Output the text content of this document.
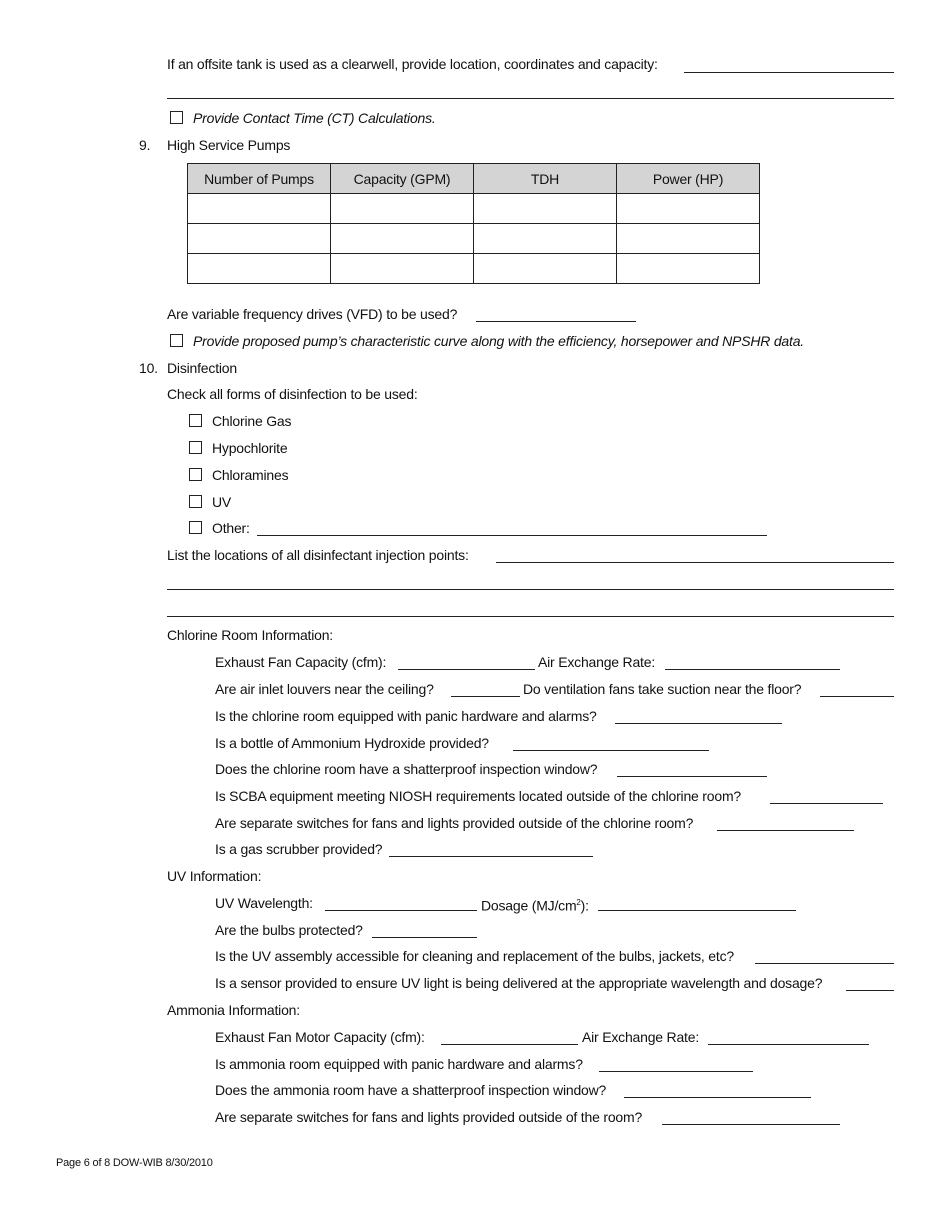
If an offsite tank is used as a clearwell, provide location, coordinates and capacity:
Provide Contact Time (CT) Calculations.
9. High Service Pumps
Number of Pumps	Capacity (GPM)	TDH	Power (HP)

Are variable frequency drives (VFD) to be used?
Provide proposed pump’s characteristic curve along with the efficiency, horsepower and NPSHR data.
10. Disinfection
Check all forms of disinfection to be used:
Chlorine Gas
Hypochlorite
Chloramines
UV
Other:
List the locations of all disinfectant injection points:
Chlorine Room Information:
Exhaust Fan Capacity (cfm):	Air Exchange Rate:
Are air inlet louvers near the ceiling?	Do ventilation fans take suction near the floor?
Is the chlorine room equipped with panic hardware and alarms?
Is a bottle of Ammonium Hydroxide provided?
Does the chlorine room have a shatterproof inspection window?
Is SCBA equipment meeting NIOSH requirements located outside of the chlorine room?
Are separate switches for fans and lights provided outside of the chlorine room?
Is a gas scrubber provided?
UV Information:
UV Wavelength:	Dosage $(MJ/cm^2)$:
Are the bulbs protected?
Is the UV assembly accessible for cleaning and replacement of the bulbs, jackets, etc?
Is a sensor provided to ensure UV light is being delivered at the appropriate wavelength and dosage?
Ammonia Information:
Exhaust Fan Motor Capacity (cfm):	Air Exchange Rate:
Is ammonia room equipped with panic hardware and alarms?
Does the ammonia room have a shatterproof inspection window?
Are separate switches for fans and lights provided outside of the room?
Page 6 of 8 DOW-WIB 8/30/2010
